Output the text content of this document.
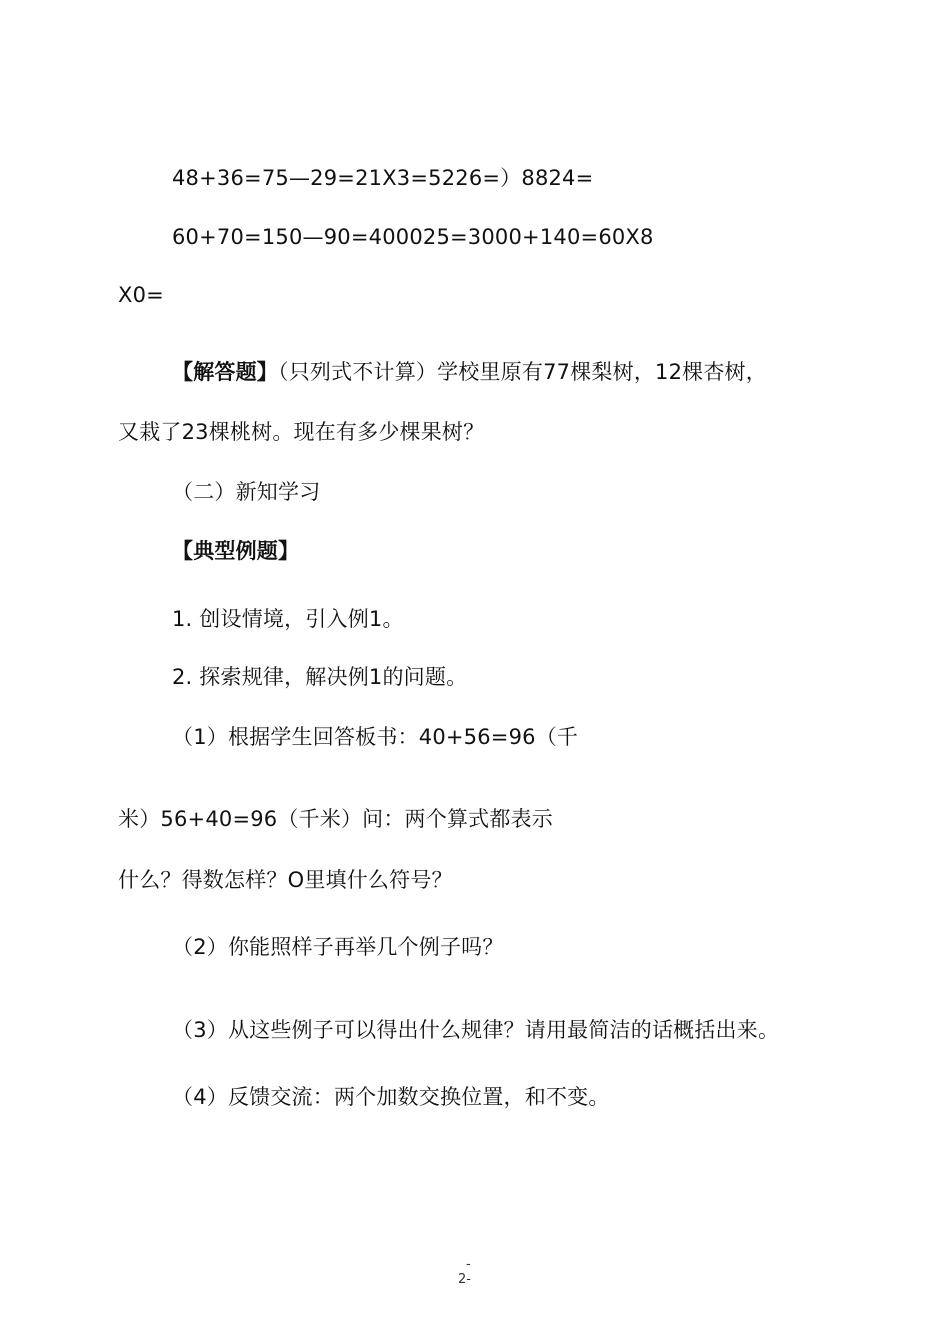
48+36=75—29=21X3=5226=）8824=
60+70=150—90=400025=3000+140=60X8
X0=
【解答题】（只列式不计算）学校里原有77棵梨树，12棵杏树，
又栽了23棵桃树。现在有多少棵果树？
（二）新知学习
【典型例题】
1. 创设情境，引入例1。
2. 探索规律，解决例1的问题。
（1）根据学生回答板书：40+56=96（千
米）56+40=96（千米）问：两个算式都表示
什么？得数怎样？O里填什么符号？
（2）你能照样子再举几个例子吗？
（3）从这些例子可以得出什么规律？请用最简洁的话概括出来。
（4）反馈交流：两个加数交换位置，和不变。
-
2-
